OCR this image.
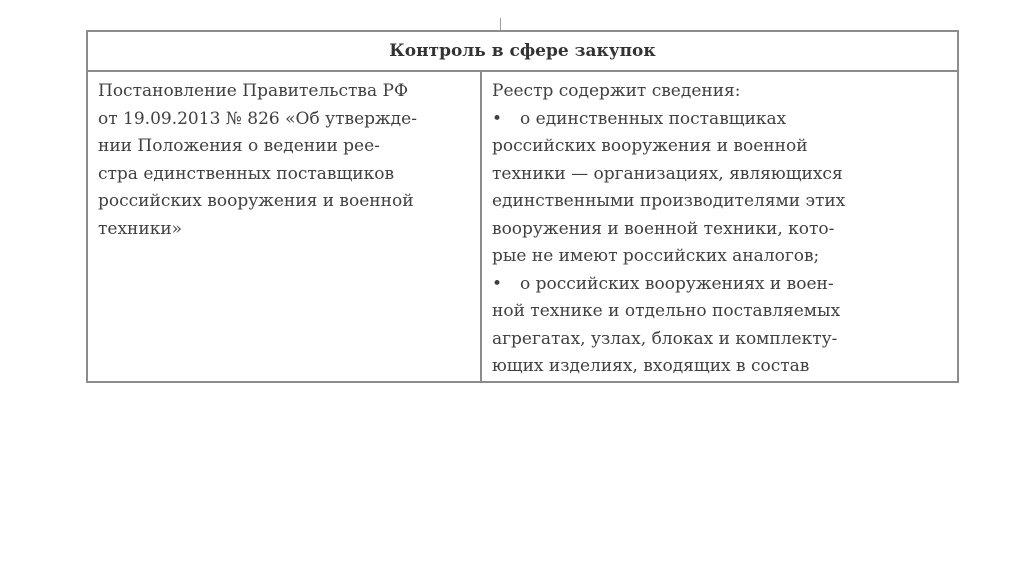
Контроль в сфере закупок

Постановление Правительства РФ
от 19.09.2013 № 826 «Об утвержде-
нии Положения о ведении рее-
стра единственных поставщиков
российских вооружения и военной
техники»

Реестр содержит сведения:
• о единственных поставщиках
российских вооружения и военной
техники — организациях, являющихся
единственными производителями этих
вооружения и военной техники, кото-
рые не имеют российских аналогов;
• о российских вооружениях и воен-
ной технике и отдельно поставляемых
агрегатах, узлах, блоках и комплекту-
ющих изделиях, входящих в состав
